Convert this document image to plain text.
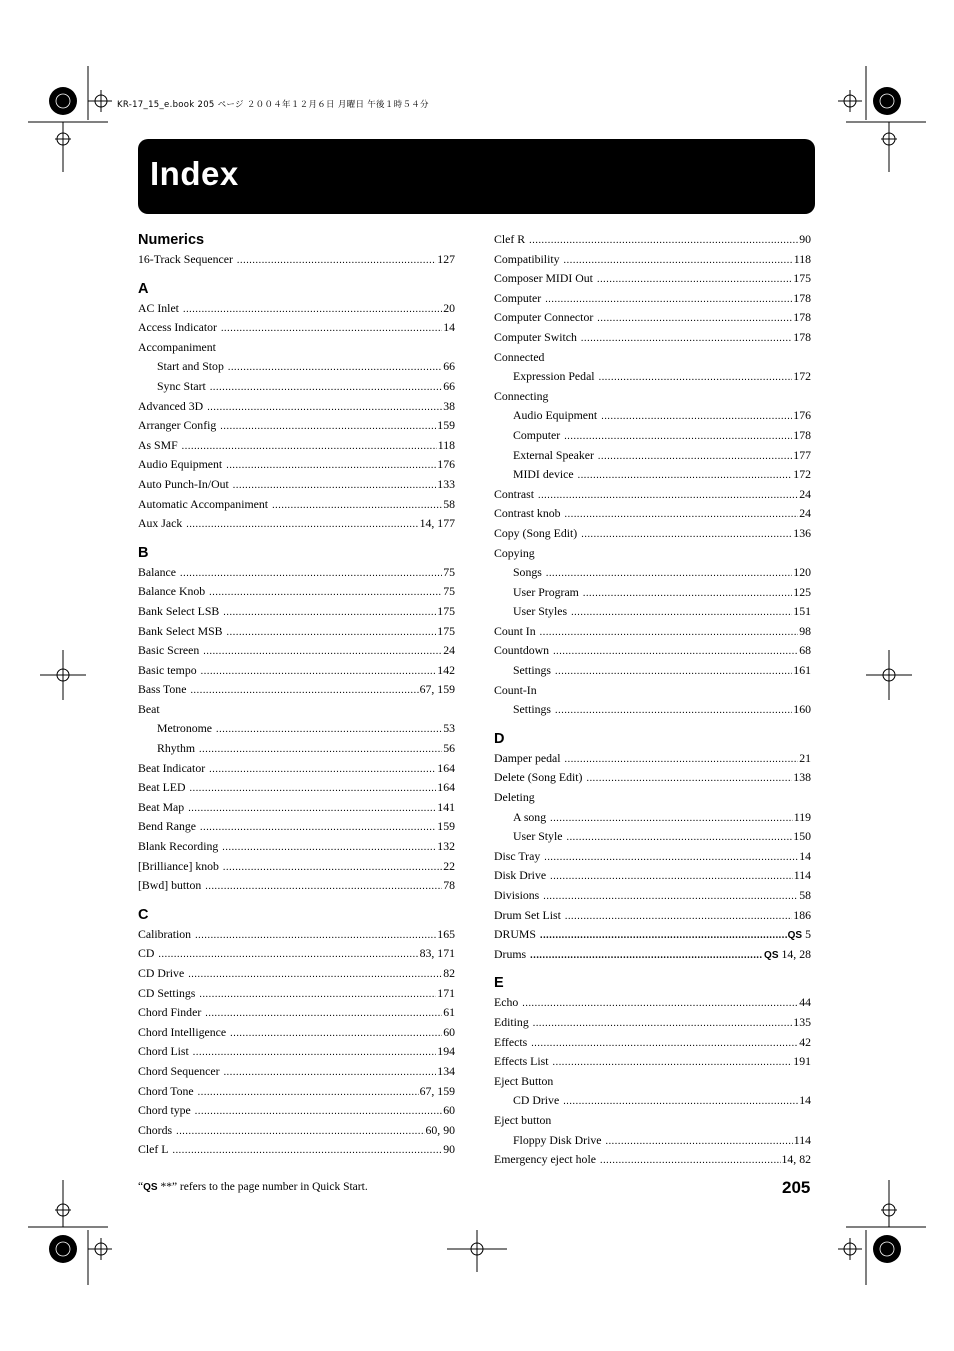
KR-17_15_e.book 205 ページ ２００４年１２月６日 月曜日 午後１時５４分
Index
Numerics
16-Track Sequencer .....	127
A
AC Inlet .....	20
Access Indicator .....	14
Accompaniment
Start and Stop .....	66
Sync Start .....	66
Advanced 3D .....	38
Arranger Config .....	159
As SMF .....	118
Audio Equipment .....	176
Auto Punch-In/Out .....	133
Automatic Accompaniment .....	58
Aux Jack .....	14, 177
B
Balance .....	75
Balance Knob .....	75
Bank Select LSB .....	175
Bank Select MSB .....	175
Basic Screen .....	24
Basic tempo .....	142
Bass Tone .....	67, 159
Beat
Metronome .....	53
Rhythm .....	56
Beat Indicator .....	164
Beat LED .....	164
Beat Map .....	141
Bend Range .....	159
Blank Recording .....	132
[Brilliance] knob .....	22
[Bwd] button .....	78
C
Calibration .....	165
CD .....	83, 171
CD Drive .....	82
CD Settings .....	171
Chord Finder .....	61
Chord Intelligence .....	60
Chord List .....	194
Chord Sequencer .....	134
Chord Tone .....	67, 159
Chord type .....	60
Chords .....	60, 90
Clef L .....	90
Clef R .....	90
Compatibility .....	118
Composer MIDI Out .....	175
Computer .....	178
Computer Connector .....	178
Computer Switch .....	178
Connected
Expression Pedal .....	172
Connecting
Audio Equipment .....	176
Computer .....	178
External Speaker .....	177
MIDI device .....	172
Contrast .....	24
Contrast knob .....	24
Copy (Song Edit) .....	136
Copying
Songs .....	120
User Program .....	125
User Styles .....	151
Count In .....	98
Countdown .....	68
Settings .....	161
Count-In
Settings .....	160
D
Damper pedal .....	21
Delete (Song Edit) .....	138
Deleting
A song .....	119
User Style .....	150
Disc Tray .....	14
Disk Drive .....	114
Divisions .....	58
Drum Set List .....	186
DRUMS .....	QS 5
Drums .....	QS 14, 28
E
Echo .....	44
Editing .....	135
Effects .....	42
Effects List .....	191
Eject Button
CD Drive .....	14
Eject button
Floppy Disk Drive .....	114
Emergency eject hole .....	14, 82
“QS **” refers to the page number in Quick Start.	205
